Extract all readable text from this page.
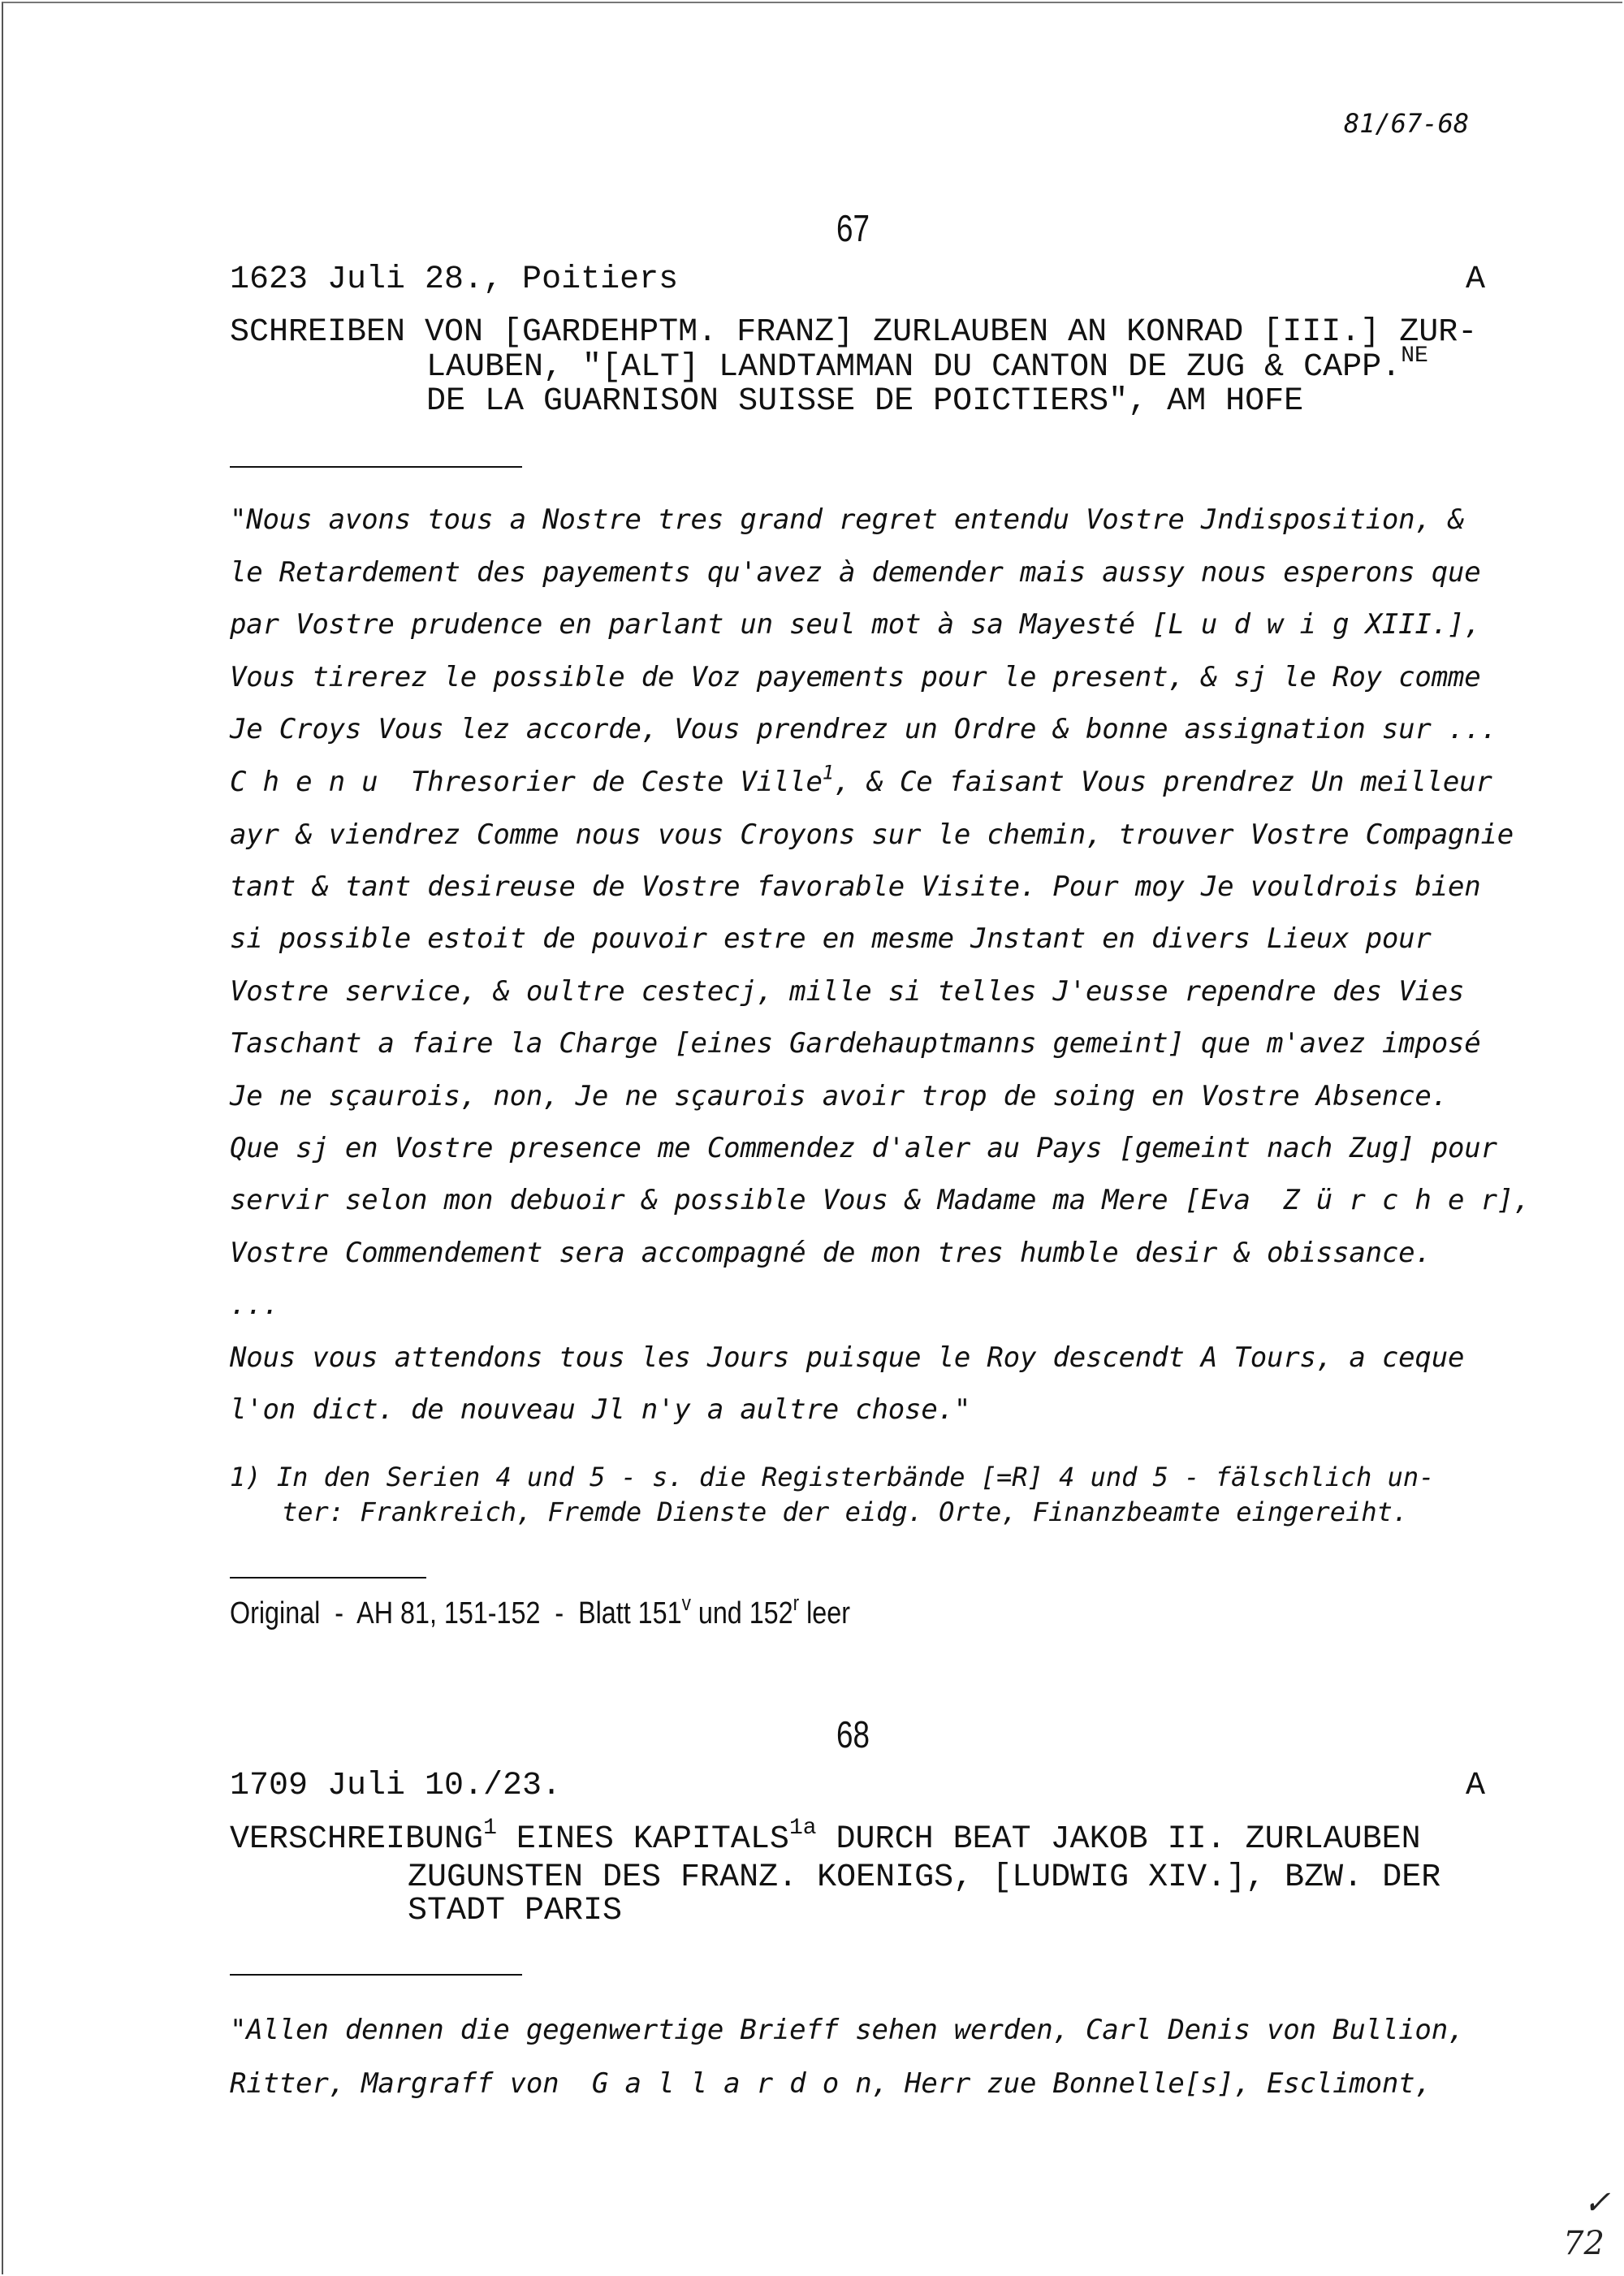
81/67-68
67
1623 Juli 28., Poitiers	A
SCHREIBEN VON [GARDEHPTM. FRANZ] ZURLAUBEN AN KONRAD [III.] ZUR-
LAUBEN, "[ALT] LANDTAMMAN DU CANTON DE ZUG & CAPP.$^{NE}$
DE LA GUARNISON SUISSE DE POICTIERS", AM HOFE
"Nous avons tous a Nostre tres grand regret entendu Vostre Jndisposition, &
le Retardement des payements qu'avez à demender mais aussy nous esperons que
par Vostre prudence en parlant un seul mot à sa Mayesté [L u d w i g XIII.],
Vous tirerez le possible de Voz payements pour le present, & sj le Roy comme
Je Croys Vous lez accorde, Vous prendrez un Ordre & bonne assignation sur ...
C h e n u  Thresorier de Ceste Ville$^1$, & Ce faisant Vous prendrez Un meilleur
ayr & viendrez Comme nous vous Croyons sur le chemin, trouver Vostre Compagnie
tant & tant desireuse de Vostre favorable Visite. Pour moy Je vouldrois bien
si possible estoit de pouvoir estre en mesme Jnstant en divers Lieux pour
Vostre service, & oultre cestecj, mille si telles J'eusse rependre des Vies
Taschant a faire la Charge [eines Gardehauptmanns gemeint] que m'avez imposé
Je ne sçaurois, non, Je ne sçaurois avoir trop de soing en Vostre Absence.
Que sj en Vostre presence me Commendez d'aler au Pays [gemeint nach Zug] pour
servir selon mon debuoir & possible Vous & Madame ma Mere [Eva  Z ü r c h e r],
Vostre Commendement sera accompagné de mon tres humble desir & obissance.
...
Nous vous attendons tous les Jours puisque le Roy descendt A Tours, a ceque
l'on dict. de nouveau Jl n'y a aultre chose."
1) In den Serien 4 und 5 - s. die Registerbände [=R] 4 und 5 - fälschlich un-
ter: Frankreich, Fremde Dienste der eidg. Orte, Finanzbeamte eingereiht.
Original  -  AH 81, 151-152  -  Blatt 151$^v$ und 152$^r$ leer
68
1709 Juli 10./23.	A
VERSCHREIBUNG$^1$ EINES $KAPITALS^{1a}$ DURCH BEAT JAKOB II. ZURLAUBEN
ZUGUNSTEN DES FRANZ. KOENIGS, [LUDWIG XIV.], BZW. DER
STADT PARIS
"Allen dennen die gegenwertige Brieff sehen werden, Carl Denis von Bullion,
Ritter, Margraff von  G a l l a r d o n, Herr zue Bonnelle[s], Esclimont,
✓
72
